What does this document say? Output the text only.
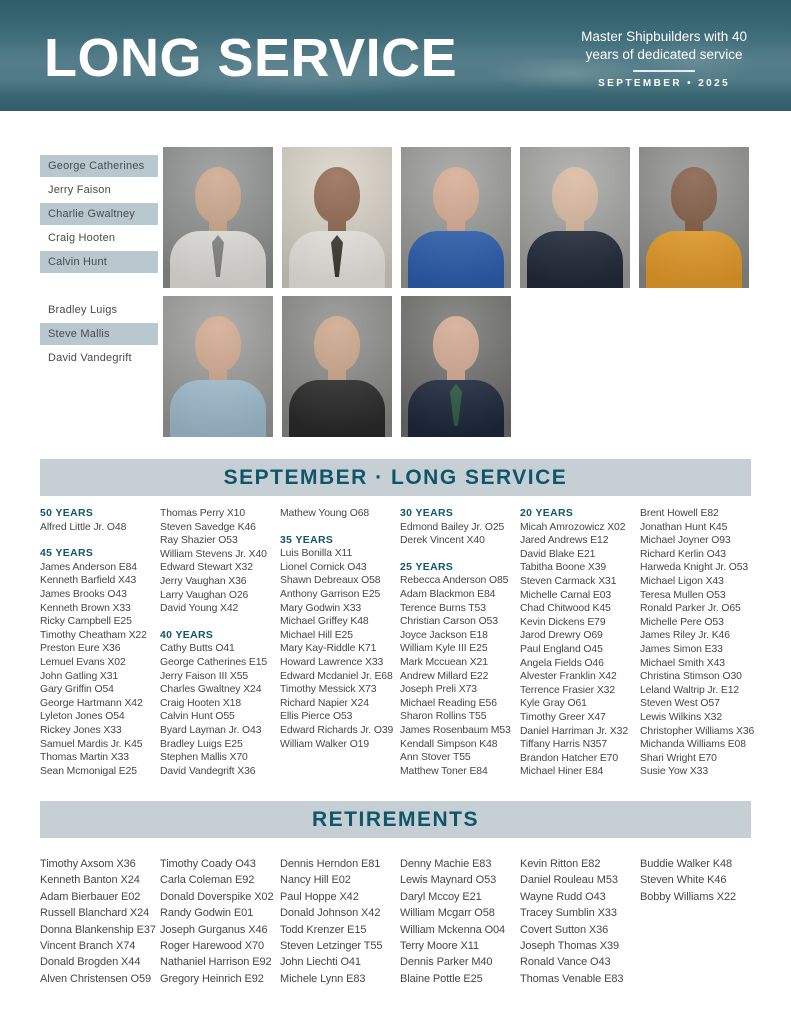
LONG SERVICE	Master Shipbuilders with 40
years of dedicated service
SEPTEMBER • 2025
George Catherines
Jerry Faison
Charlie Gwaltney
Craig Hooten
Calvin Hunt
Bradley Luigs
Steve Mallis
David Vandegrift
SEPTEMBER · LONG SERVICE
50 YEARS
Alfred Little Jr. O48
45 YEARS
James Anderson E84
Kenneth Barfield X43
James Brooks O43
Kenneth Brown X33
Ricky Campbell E25
Timothy Cheatham X22
Preston Eure X36
Lemuel Evans X02
John Gatling X31
Gary Griffin O54
George Hartmann X42
Lyleton Jones O54
Rickey Jones X33
Samuel Mardis Jr. K45
Thomas Martin X33
Sean Mcmonigal E25
Thomas Perry X10
Steven Savedge K46
Ray Shazier O53
William Stevens Jr. X40
Edward Stewart X32
Jerry Vaughan X36
Larry Vaughan O26
David Young X42
40 YEARS
Cathy Butts O41
George Catherines E15
Jerry Faison III X55
Charles Gwaltney X24
Craig Hooten X18
Calvin Hunt O55
Byard Layman Jr. O43
Bradley Luigs E25
Stephen Mallis X70
David Vandegrift X36
Mathew Young O68
35 YEARS
Luis Bonilla X11
Lionel Cornick O43
Shawn Debreaux O58
Anthony Garrison E25
Mary Godwin X33
Michael Griffey K48
Michael Hill E25
Mary Kay-Riddle K71
Howard Lawrence X33
Edward Mcdaniel Jr. E68
Timothy Messick X73
Richard Napier X24
Ellis Pierce O53
Edward Richards Jr. O39
William Walker O19
30 YEARS
Edmond Bailey Jr. O25
Derek Vincent X40
25 YEARS
Rebecca Anderson O85
Adam Blackmon E84
Terence Burns T53
Christian Carson O53
Joyce Jackson E18
William Kyle III E25
Mark Mccuean X21
Andrew Millard E22
Joseph Preli X73
Michael Reading E56
Sharon Rollins T55
James Rosenbaum M53
Kendall Simpson K48
Ann Stover T55
Matthew Toner E84
20 YEARS
Micah Amrozowicz X02
Jared Andrews E12
David Blake E21
Tabitha Boone X39
Steven Carmack X31
Michelle Carnal E03
Chad Chitwood K45
Kevin Dickens E79
Jarod Drewry O69
Paul England O45
Angela Fields O46
Alvester Franklin X42
Terrence Frasier X32
Kyle Gray O61
Timothy Greer X47
Daniel Harriman Jr. X32
Tiffany Harris N357
Brandon Hatcher E70
Michael Hiner E84
Brent Howell E82
Jonathan Hunt K45
Michael Joyner O93
Richard Kerlin O43
Harweda Knight Jr. O53
Michael Ligon X43
Teresa Mullen O53
Ronald Parker Jr. O65
Michelle Pere O53
James Riley Jr. K46
James Simon E33
Michael Smith X43
Christina Stimson O30
Leland Waltrip Jr. E12
Steven West O57
Lewis Wilkins X32
Christopher Williams X36
Michanda Williams E08
Shari Wright E70
Susie Yow X33
RETIREMENTS
Timothy Axsom X36
Kenneth Banton X24
Adam Bierbauer E02
Russell Blanchard X24
Donna Blankenship E37
Vincent Branch X74
Donald Brogden X44
Alven Christensen O59
Timothy Coady O43
Carla Coleman E92
Donald Doverspike X02
Randy Godwin E01
Joseph Gurganus X46
Roger Harewood X70
Nathaniel Harrison E92
Gregory Heinrich E92
Dennis Herndon E81
Nancy Hill E02
Paul Hoppe X42
Donald Johnson X42
Todd Krenzer E15
Steven Letzinger T55
John Liechti O41
Michele Lynn E83
Denny Machie E83
Lewis Maynard O53
Daryl Mccoy E21
William Mcgarr O58
William Mckenna O04
Terry Moore X11
Dennis Parker M40
Blaine Pottle E25
Kevin Ritton E82
Daniel Rouleau M53
Wayne Rudd O43
Tracey Sumblin X33
Covert Sutton X36
Joseph Thomas X39
Ronald Vance O43
Thomas Venable E83
Buddie Walker K48
Steven White K46
Bobby Williams X22
